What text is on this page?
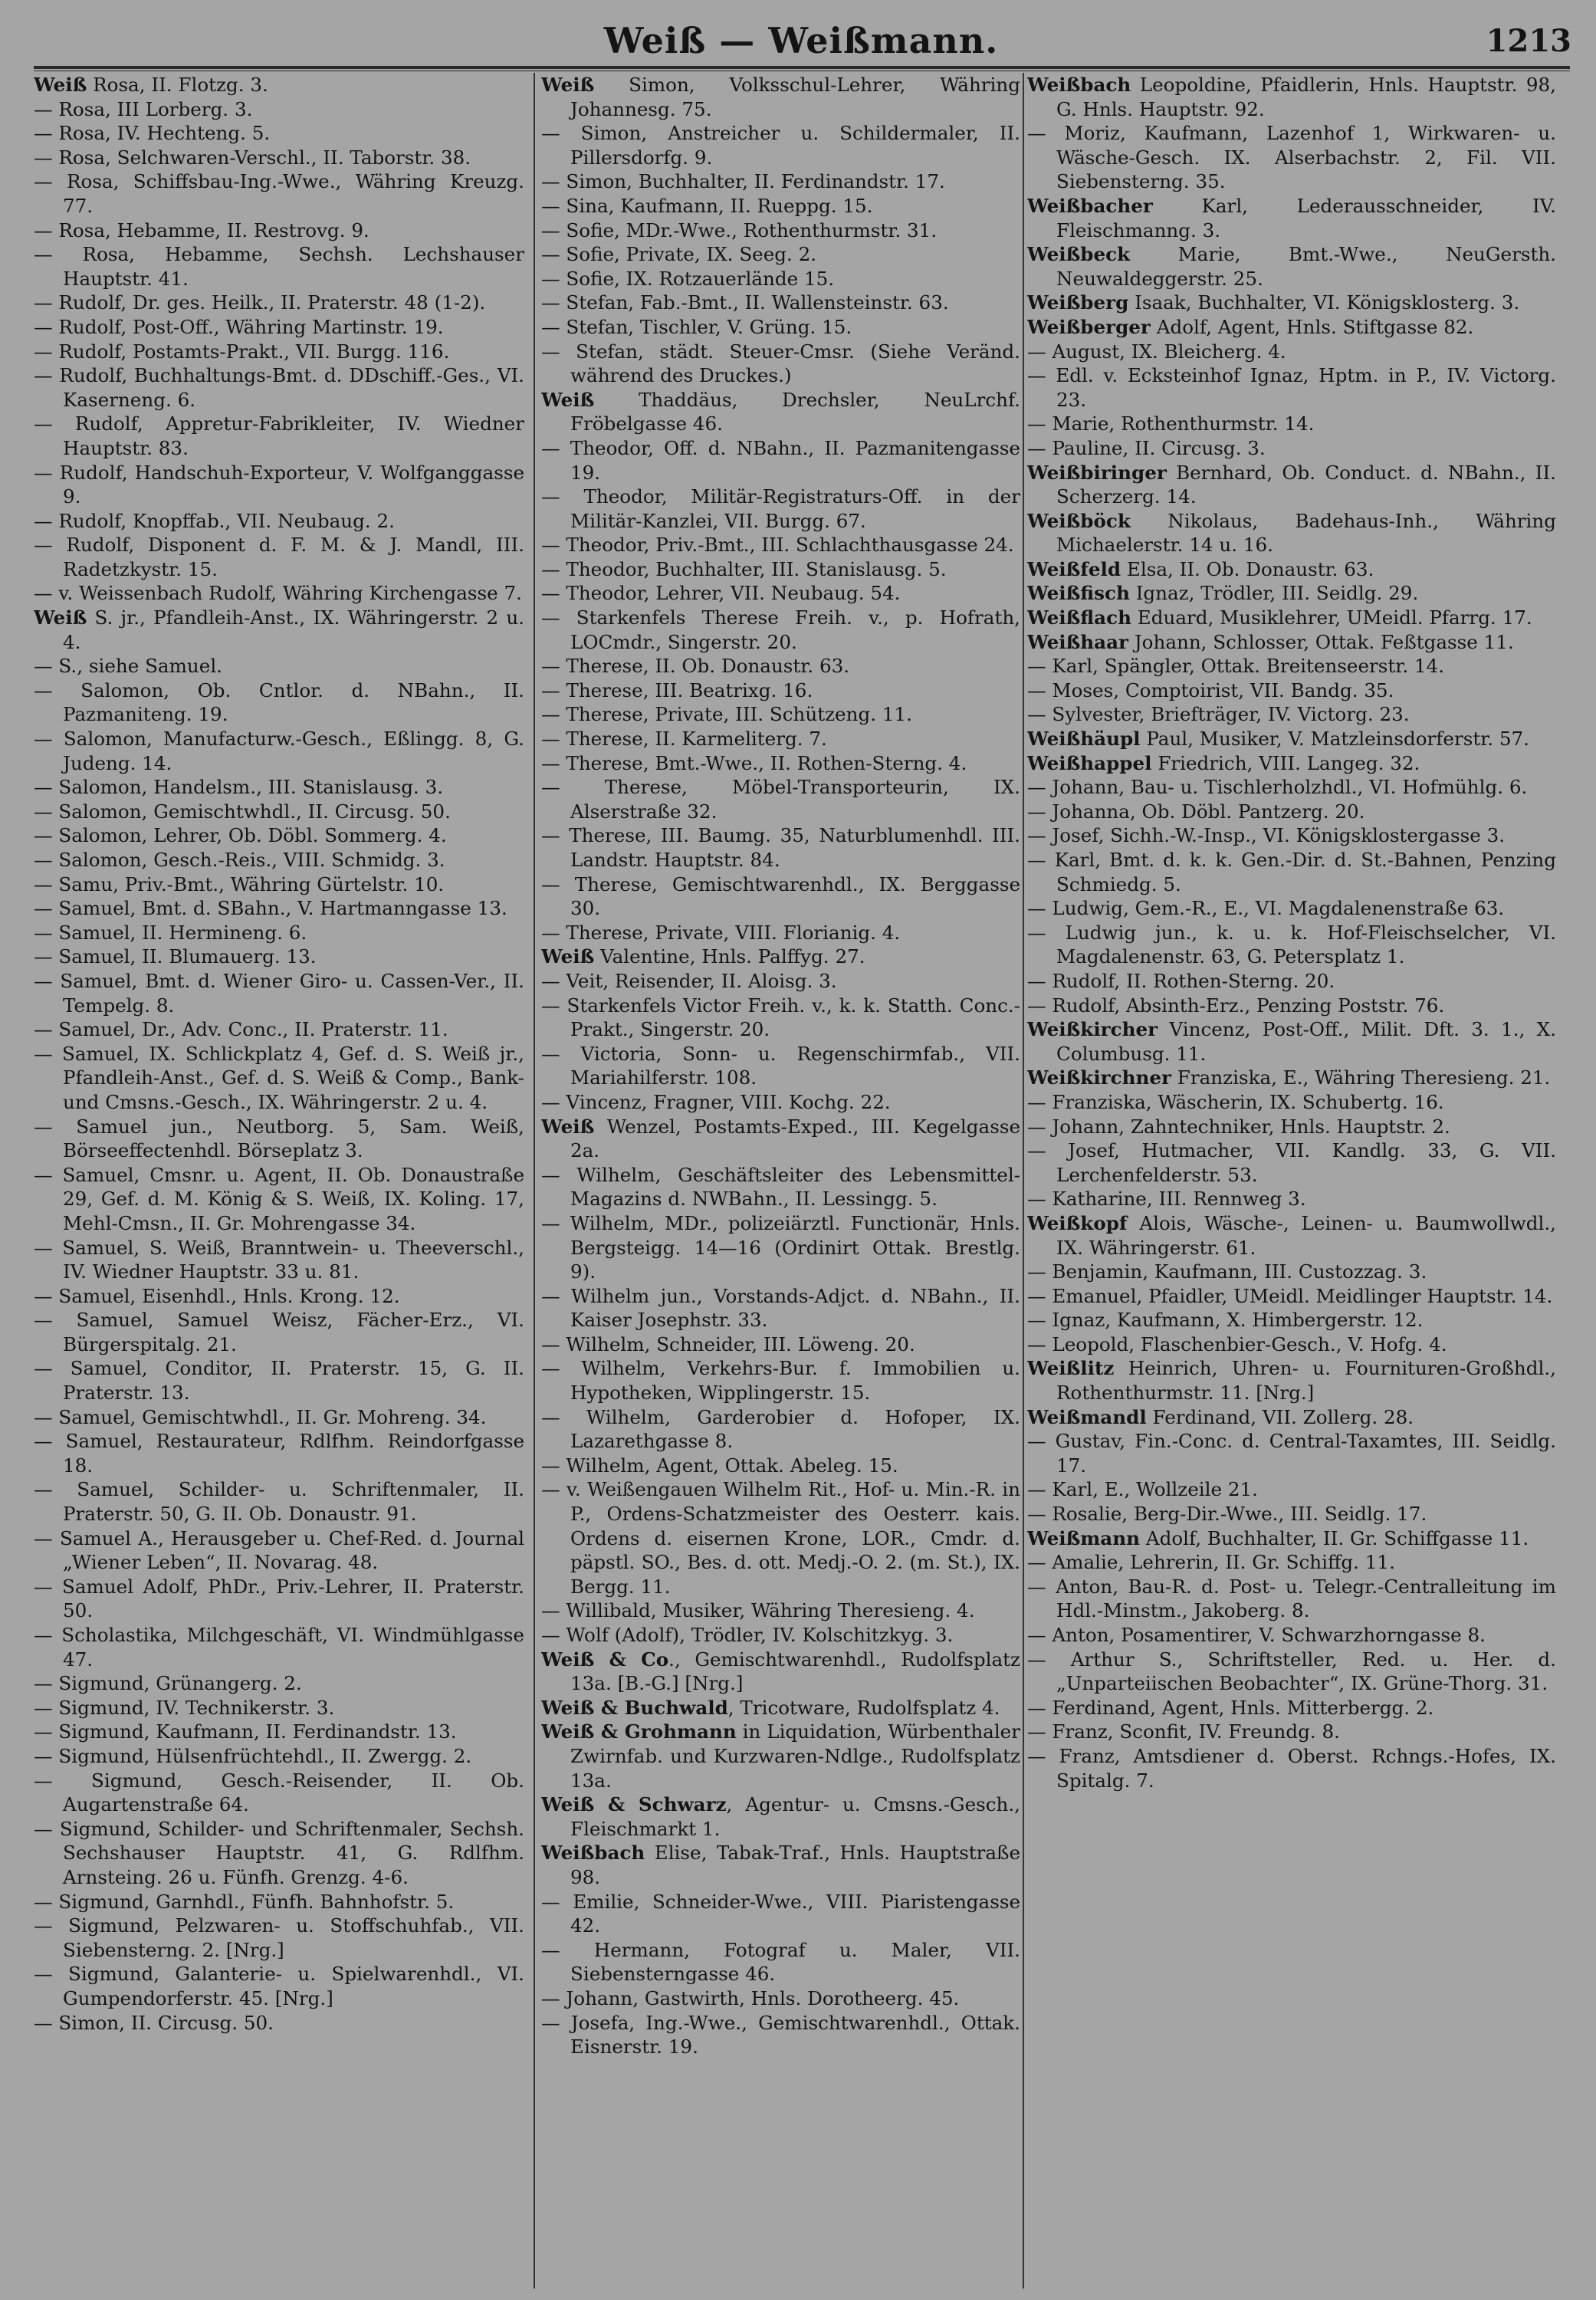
Weiß — Weißmann.	1213

Weiß Rosa, II. Flotzg. 3.

— Rosa, III Lorberg. 3.

— Rosa, IV. Hechteng. 5.

— Rosa, Selchwaren-Verschl., II. Taborstr. 38.

— Rosa, Schiffsbau-Ing.-Wwe., Währing Kreuzg. 77.

— Rosa, Hebamme, II. Restrovg. 9.

— Rosa, Hebamme, Sechsh. Lechshauser Hauptstr. 41.

— Rudolf, Dr. ges. Heilk., II. Praterstr. 48 (1-2).

— Rudolf, Post-Off., Währing Martinstr. 19.

— Rudolf, Postamts-Prakt., VII. Burgg. 116.

— Rudolf, Buchhaltungs-Bmt. d. DDschiff.-Ges., VI. Kaserneng. 6.

— Rudolf, Appretur-Fabrikleiter, IV. Wiedner Hauptstr. 83.

— Rudolf, Handschuh-Exporteur, V. Wolfganggasse 9.

— Rudolf, Knopffab., VII. Neubaug. 2.

— Rudolf, Disponent d. F. M. & J. Mandl, III. Radetzkystr. 15.

— v. Weissenbach Rudolf, Währing Kirchengasse 7.

Weiß S. jr., Pfandleih-Anst., IX. Währingerstr. 2 u. 4.

— S., siehe Samuel.

— Salomon, Ob. Cntlor. d. NBahn., II. Pazmaniteng. 19.

— Salomon, Manufacturw.-Gesch., Eßlingg. 8, G. Judeng. 14.

— Salomon, Handelsm., III. Stanislausg. 3.

— Salomon, Gemischtwhdl., II. Circusg. 50.

— Salomon, Lehrer, Ob. Döbl. Sommerg. 4.

— Salomon, Gesch.-Reis., VIII. Schmidg. 3.

— Samu, Priv.-Bmt., Währing Gürtelstr. 10.

— Samuel, Bmt. d. SBahn., V. Hartmanngasse 13.

— Samuel, II. Hermineng. 6.

— Samuel, II. Blumauerg. 13.

— Samuel, Bmt. d. Wiener Giro- u. Cassen-Ver., II. Tempelg. 8.

— Samuel, Dr., Adv. Conc., II. Praterstr. 11.

— Samuel, IX. Schlickplatz 4, Gef. d. S. Weiß jr., Pfandleih-Anst., Gef. d. S. Weiß & Comp., Bank- und Cmsns.-Gesch., IX. Währingerstr. 2 u. 4.

— Samuel jun., Neutborg. 5, Sam. Weiß, Börseeffectenhdl. Börseplatz 3.

— Samuel, Cmsnr. u. Agent, II. Ob. Donaustraße 29, Gef. d. M. König & S. Weiß, IX. Koling. 17, Mehl-Cmsn., II. Gr. Mohrengasse 34.

— Samuel, S. Weiß, Branntwein- u. Theeverschl., IV. Wiedner Hauptstr. 33 u. 81.

— Samuel, Eisenhdl., Hnls. Krong. 12.

— Samuel, Samuel Weisz, Fächer-Erz., VI. Bürgerspitalg. 21.

— Samuel, Conditor, II. Praterstr. 15, G. II. Praterstr. 13.

— Samuel, Gemischtwhdl., II. Gr. Mohreng. 34.

— Samuel, Restaurateur, Rdlfhm. Reindorfgasse 18.

— Samuel, Schilder- u. Schriftenmaler, II. Praterstr. 50, G. II. Ob. Donaustr. 91.

— Samuel A., Herausgeber u. Chef-Red. d. Journal „Wiener Leben“, II. Novarag. 48.

— Samuel Adolf, PhDr., Priv.-Lehrer, II. Praterstr. 50.

— Scholastika, Milchgeschäft, VI. Windmühlgasse 47.

— Sigmund, Grünangerg. 2.

— Sigmund, IV. Technikerstr. 3.

— Sigmund, Kaufmann, II. Ferdinandstr. 13.

— Sigmund, Hülsenfrüchtehdl., II. Zwergg. 2.

— Sigmund, Gesch.-Reisender, II. Ob. Augartenstraße 64.

— Sigmund, Schilder- und Schriftenmaler, Sechsh. Sechshauser Hauptstr. 41, G. Rdlfhm. Arnsteing. 26 u. Fünfh. Grenzg. 4-6.

— Sigmund, Garnhdl., Fünfh. Bahnhofstr. 5.

— Sigmund, Pelzwaren- u. Stoffschuhfab., VII. Siebensterng. 2. [Nrg.]

— Sigmund, Galanterie- u. Spielwarenhdl., VI. Gumpendorferstr. 45. [Nrg.]

— Simon, II. Circusg. 50.

Weiß Simon, Volksschul-Lehrer, Währing Johannesg. 75.

— Simon, Anstreicher u. Schildermaler, II. Pillersdorfg. 9.

— Simon, Buchhalter, II. Ferdinandstr. 17.

— Sina, Kaufmann, II. Rueppg. 15.

— Sofie, MDr.-Wwe., Rothenthurmstr. 31.

— Sofie, Private, IX. Seeg. 2.

— Sofie, IX. Rotzauerlände 15.

— Stefan, Fab.-Bmt., II. Wallensteinstr. 63.

— Stefan, Tischler, V. Grüng. 15.

— Stefan, städt. Steuer-Cmsr. (Siehe Veränd. während des Druckes.)

Weiß Thaddäus, Drechsler, NeuLrchf. Fröbelgasse 46.

— Theodor, Off. d. NBahn., II. Pazmanitengasse 19.

— Theodor, Militär-Registraturs-Off. in der Militär-Kanzlei, VII. Burgg. 67.

— Theodor, Priv.-Bmt., III. Schlachthausgasse 24.

— Theodor, Buchhalter, III. Stanislausg. 5.

— Theodor, Lehrer, VII. Neubaug. 54.

— Starkenfels Therese Freih. v., p. Hofrath, LOCmdr., Singerstr. 20.

— Therese, II. Ob. Donaustr. 63.

— Therese, III. Beatrixg. 16.

— Therese, Private, III. Schützeng. 11.

— Therese, II. Karmeliterg. 7.

— Therese, Bmt.-Wwe., II. Rothen-Sterng. 4.

— Therese, Möbel-Transporteurin, IX. Alserstraße 32.

— Therese, III. Baumg. 35, Naturblumenhdl. III. Landstr. Hauptstr. 84.

— Therese, Gemischtwarenhdl., IX. Berggasse 30.

— Therese, Private, VIII. Florianig. 4.

Weiß Valentine, Hnls. Palffyg. 27.

— Veit, Reisender, II. Aloisg. 3.

— Starkenfels Victor Freih. v., k. k. Statth. Conc.-Prakt., Singerstr. 20.

— Victoria, Sonn- u. Regenschirmfab., VII. Mariahilferstr. 108.

— Vincenz, Fragner, VIII. Kochg. 22.

Weiß Wenzel, Postamts-Exped., III. Kegelgasse 2a.

— Wilhelm, Geschäftsleiter des Lebensmittel-Magazins d. NWBahn., II. Lessingg. 5.

— Wilhelm, MDr., polizeiärztl. Functionär, Hnls. Bergsteigg. 14—16 (Ordinirt Ottak. Brestlg. 9).

— Wilhelm jun., Vorstands-Adjct. d. NBahn., II. Kaiser Josephstr. 33.

— Wilhelm, Schneider, III. Löweng. 20.

— Wilhelm, Verkehrs-Bur. f. Immobilien u. Hypotheken, Wipplingerstr. 15.

— Wilhelm, Garderobier d. Hofoper, IX. Lazarethgasse 8.

— Wilhelm, Agent, Ottak. Abeleg. 15.

— v. Weißengauen Wilhelm Rit., Hof- u. Min.-R. in P., Ordens-Schatzmeister des Oesterr. kais. Ordens d. eisernen Krone, LOR., Cmdr. d. päpstl. SO., Bes. d. ott. Medj.-O. 2. (m. St.), IX. Bergg. 11.

— Willibald, Musiker, Währing Theresieng. 4.

— Wolf (Adolf), Trödler, IV. Kolschitzkyg. 3.

Weiß & Co., Gemischtwarenhdl., Rudolfsplatz 13a. [B.-G.] [Nrg.]

Weiß & Buchwald, Tricotware, Rudolfsplatz 4.

Weiß & Grohmann in Liquidation, Würbenthaler Zwirnfab. und Kurzwaren-Ndlge., Rudolfsplatz 13a.

Weiß & Schwarz, Agentur- u. Cmsns.-Gesch., Fleischmarkt 1.

Weißbach Elise, Tabak-Traf., Hnls. Hauptstraße 98.

— Emilie, Schneider-Wwe., VIII. Piaristengasse 42.

— Hermann, Fotograf u. Maler, VII. Siebensterngasse 46.

— Johann, Gastwirth, Hnls. Dorotheerg. 45.

— Josefa, Ing.-Wwe., Gemischtwarenhdl., Ottak. Eisnerstr. 19.

Weißbach Leopoldine, Pfaidlerin, Hnls. Hauptstr. 98, G. Hnls. Hauptstr. 92.

— Moriz, Kaufmann, Lazenhof 1, Wirkwaren- u. Wäsche-Gesch. IX. Alserbachstr. 2, Fil. VII. Siebensterng. 35.

Weißbacher Karl, Lederausschneider, IV. Fleischmanng. 3.

Weißbeck Marie, Bmt.-Wwe., NeuGersth. Neuwaldeggerstr. 25.

Weißberg Isaak, Buchhalter, VI. Königsklosterg. 3.

Weißberger Adolf, Agent, Hnls. Stiftgasse 82.

— August, IX. Bleicherg. 4.

— Edl. v. Ecksteinhof Ignaz, Hptm. in P., IV. Victorg. 23.

— Marie, Rothenthurmstr. 14.

— Pauline, II. Circusg. 3.

Weißbiringer Bernhard, Ob. Conduct. d. NBahn., II. Scherzerg. 14.

Weißböck Nikolaus, Badehaus-Inh., Währing Michaelerstr. 14 u. 16.

Weißfeld Elsa, II. Ob. Donaustr. 63.

Weißfisch Ignaz, Trödler, III. Seidlg. 29.

Weißflach Eduard, Musiklehrer, UMeidl. Pfarrg. 17.

Weißhaar Johann, Schlosser, Ottak. Feßtgasse 11.

— Karl, Spängler, Ottak. Breitenseerstr. 14.

— Moses, Comptoirist, VII. Bandg. 35.

— Sylvester, Briefträger, IV. Victorg. 23.

Weißhäupl Paul, Musiker, V. Matzleinsdorferstr. 57.

Weißhappel Friedrich, VIII. Langeg. 32.

— Johann, Bau- u. Tischlerholzhdl., VI. Hofmühlg. 6.

— Johanna, Ob. Döbl. Pantzerg. 20.

— Josef, Sichh.-W.-Insp., VI. Königsklostergasse 3.

— Karl, Bmt. d. k. k. Gen.-Dir. d. St.-Bahnen, Penzing Schmiedg. 5.

— Ludwig, Gem.-R., E., VI. Magdalenenstraße 63.

— Ludwig jun., k. u. k. Hof-Fleischselcher, VI. Magdalenenstr. 63, G. Petersplatz 1.

— Rudolf, II. Rothen-Sterng. 20.

— Rudolf, Absinth-Erz., Penzing Poststr. 76.

Weißkircher Vincenz, Post-Off., Milit. Dft. 3. 1., X. Columbusg. 11.

Weißkirchner Franziska, E., Währing Theresieng. 21.

— Franziska, Wäscherin, IX. Schubertg. 16.

— Johann, Zahntechniker, Hnls. Hauptstr. 2.

— Josef, Hutmacher, VII. Kandlg. 33, G. VII. Lerchenfelderstr. 53.

— Katharine, III. Rennweg 3.

Weißkopf Alois, Wäsche-, Leinen- u. Baumwollwdl., IX. Währingerstr. 61.

— Benjamin, Kaufmann, III. Custozzag. 3.

— Emanuel, Pfaidler, UMeidl. Meidlinger Hauptstr. 14.

— Ignaz, Kaufmann, X. Himbergerstr. 12.

— Leopold, Flaschenbier-Gesch., V. Hofg. 4.

Weißlitz Heinrich, Uhren- u. Fournituren-Großhdl., Rothenthurmstr. 11. [Nrg.]

Weißmandl Ferdinand, VII. Zollerg. 28.

— Gustav, Fin.-Conc. d. Central-Taxamtes, III. Seidlg. 17.

— Karl, E., Wollzeile 21.

— Rosalie, Berg-Dir.-Wwe., III. Seidlg. 17.

Weißmann Adolf, Buchhalter, II. Gr. Schiffgasse 11.

— Amalie, Lehrerin, II. Gr. Schiffg. 11.

— Anton, Bau-R. d. Post- u. Telegr.-Centralleitung im Hdl.-Minstm., Jakoberg. 8.

— Anton, Posamentirer, V. Schwarzhorngasse 8.

— Arthur S., Schriftsteller, Red. u. Her. d. „Unparteiischen Beobachter“, IX. Grüne-Thorg. 31.

— Ferdinand, Agent, Hnls. Mitterbergg. 2.

— Franz, Sconfit, IV. Freundg. 8.

— Franz, Amtsdiener d. Oberst. Rchngs.-Hofes, IX. Spitalg. 7.
